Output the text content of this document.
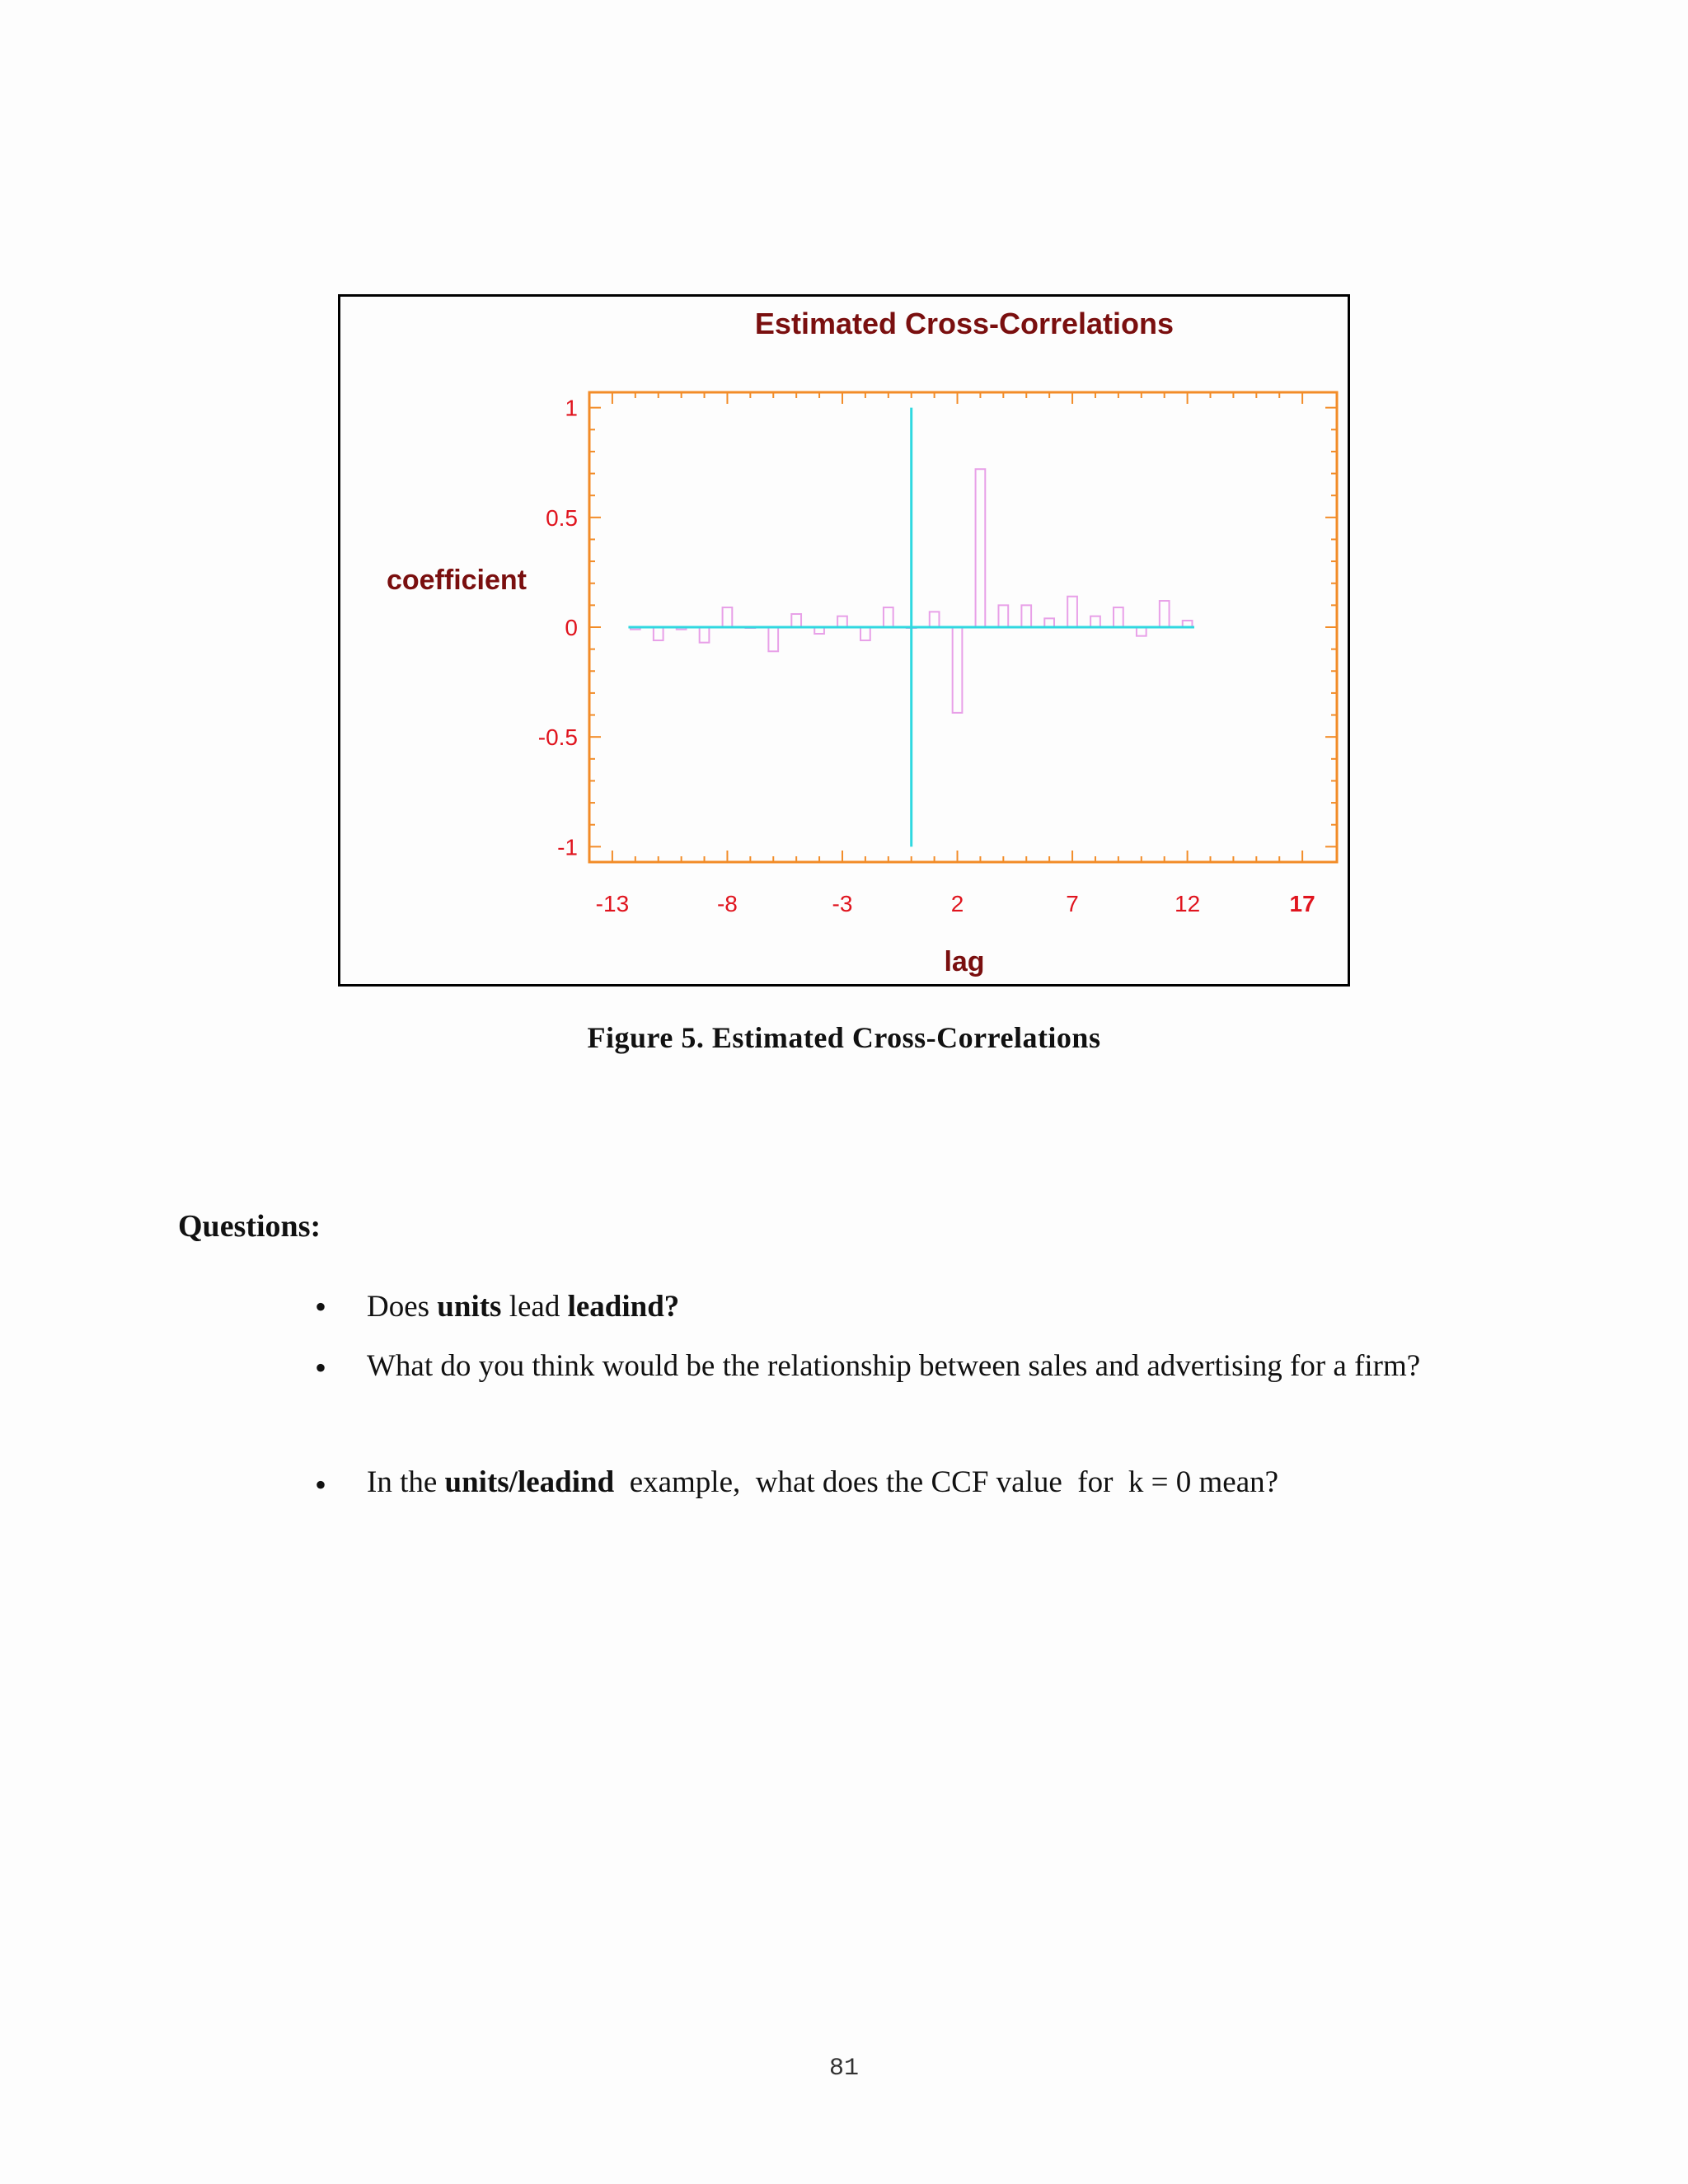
Estimated Cross-Correlations
coefficient
lag
-13	-8	-3	2	7	12	17
1
0.5
0
-0.5
-1
Figure 5. Estimated Cross-Correlations
Questions:
• Does units lead leadind?
• What do you think would be the relationship between sales and advertising for a firm?
• In the units/leadind  example,  what does the CCF value  for  k = 0 mean?
81
